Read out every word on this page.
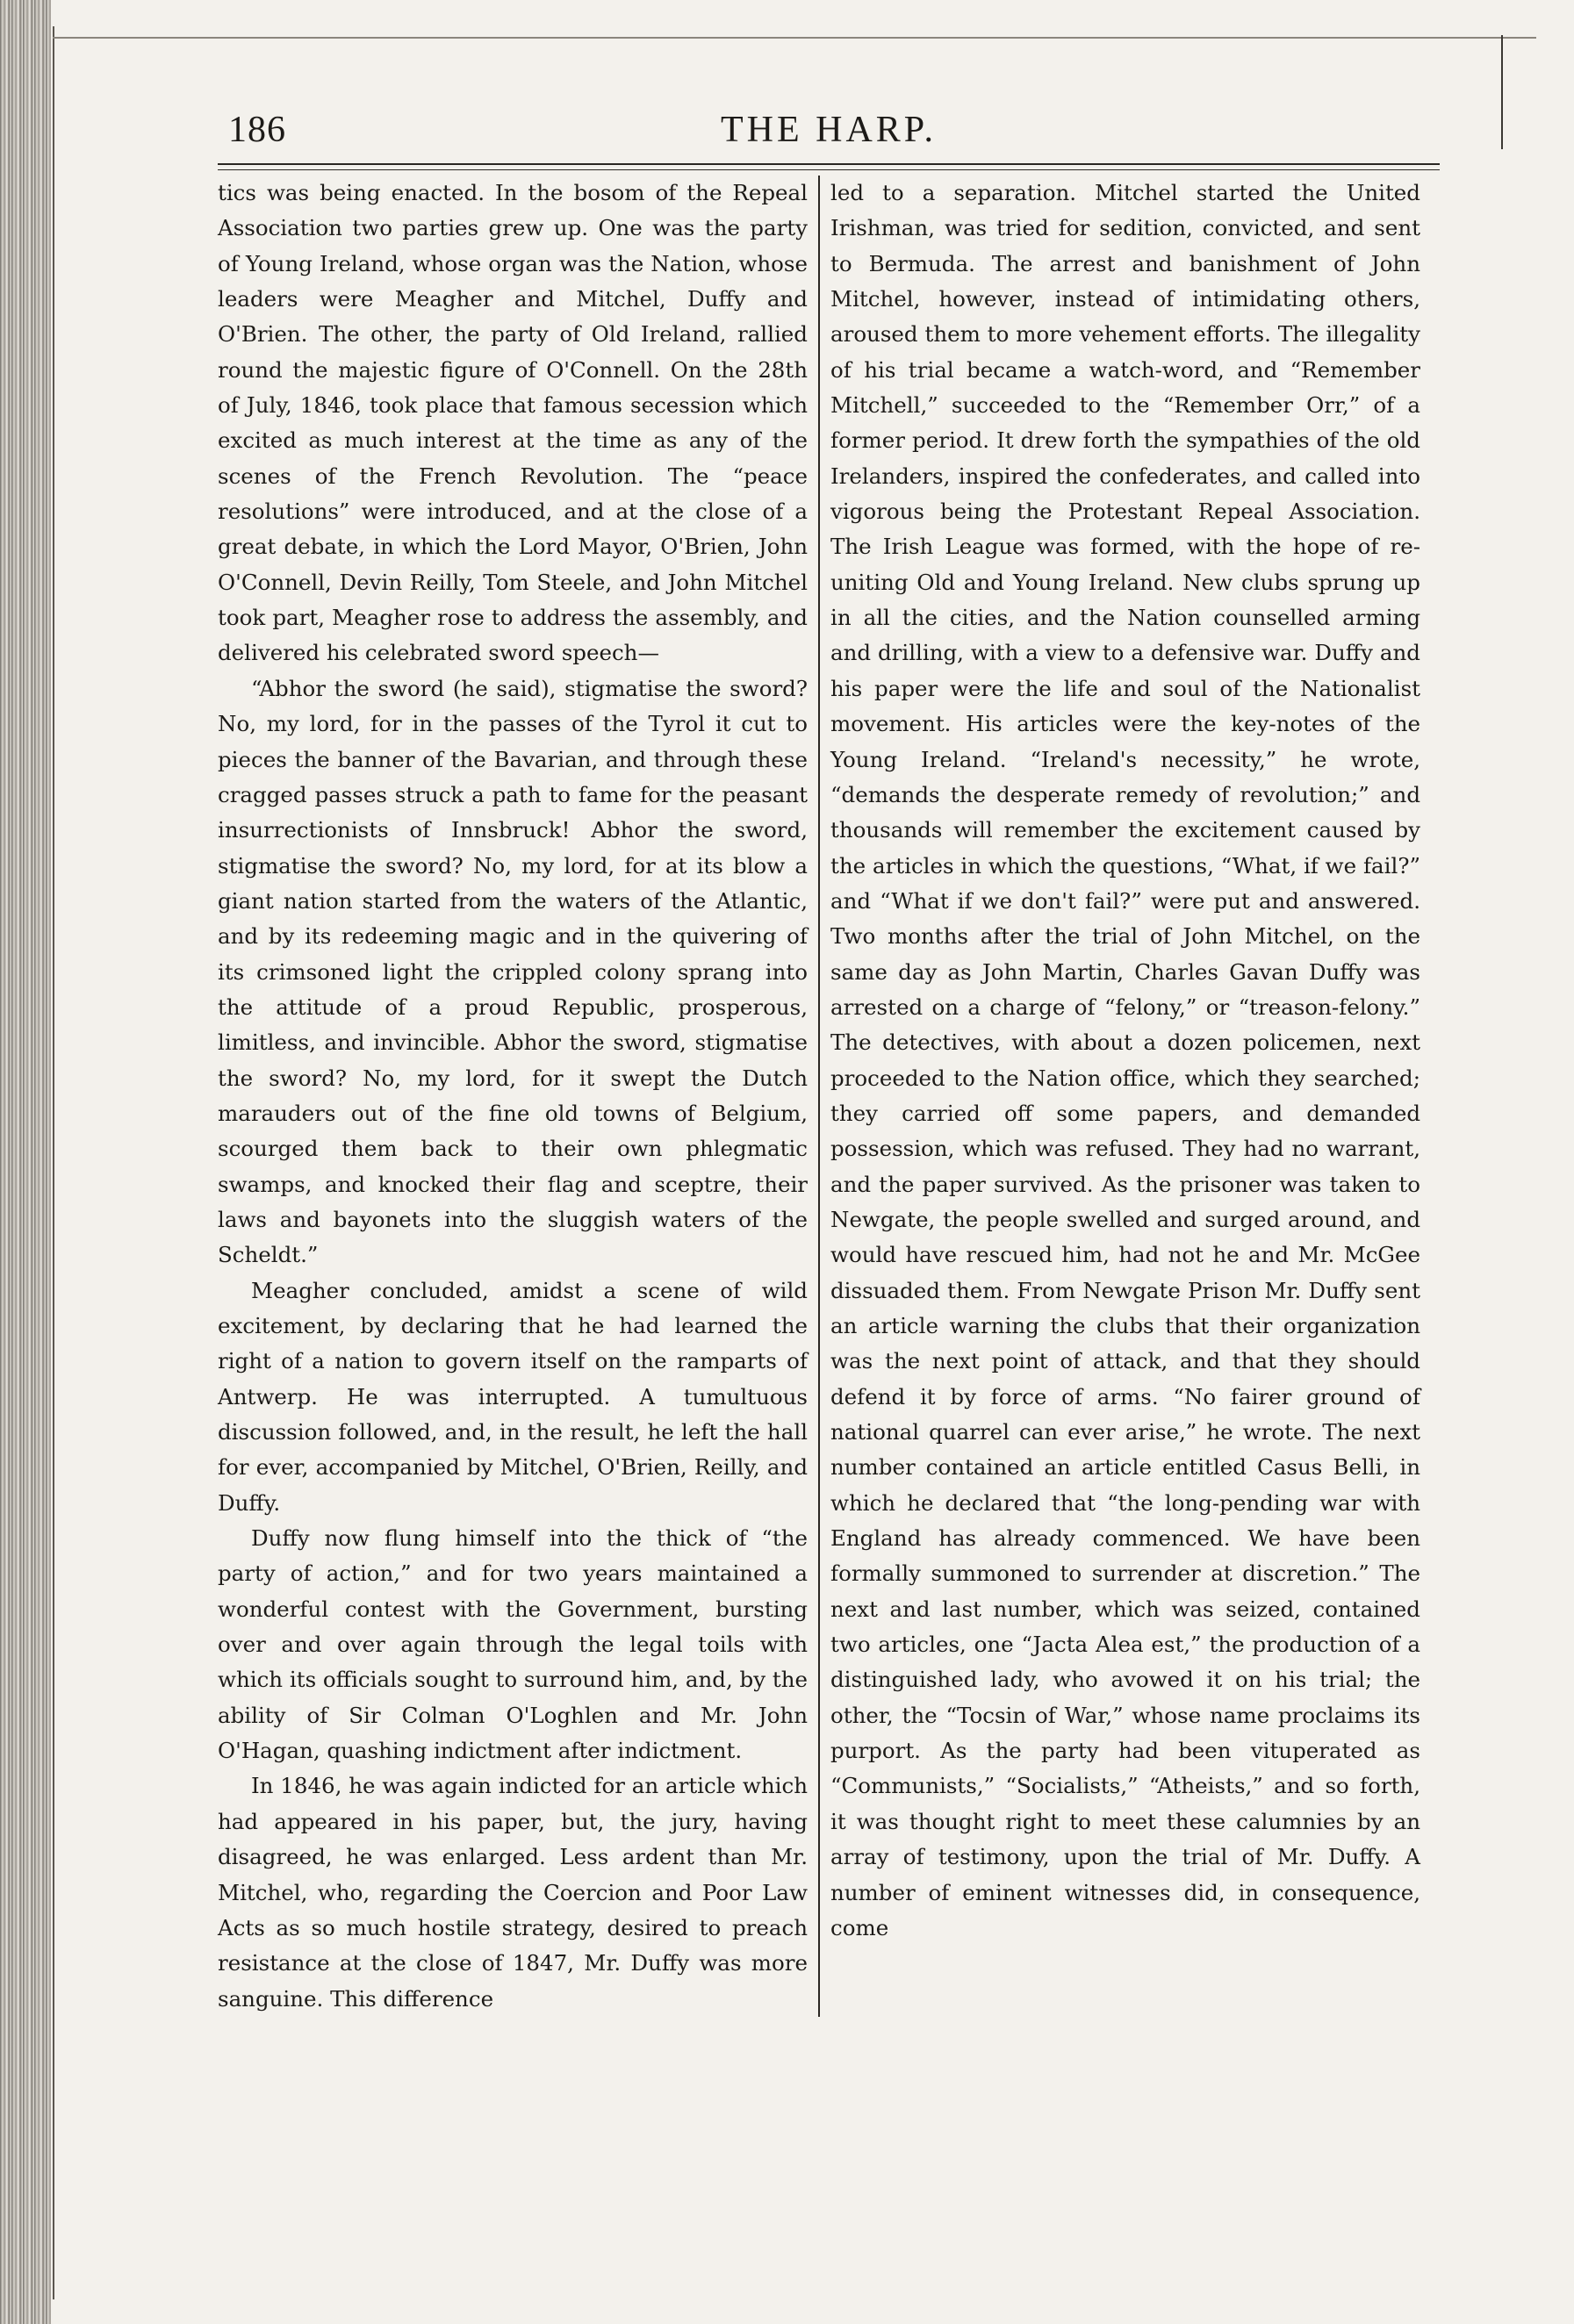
186	THE HARP.

tics was being enacted. In the bosom of the Repeal Association two parties grew up. One was the party of Young Ireland, whose organ was the Nation, whose leaders were Meagher and Mitchel, Duffy and O'Brien. The other, the party of Old Ireland, rallied round the majestic figure of O'Connell. On the 28th of July, 1846, took place that famous secession which excited as much interest at the time as any of the scenes of the French Revolution. The “peace resolutions” were introduced, and at the close of a great debate, in which the Lord Mayor, O'Brien, John O'Connell, Devin Reilly, Tom Steele, and John Mitchel took part, Meagher rose to address the assembly, and delivered his celebrated sword speech—

“Abhor the sword (he said), stigmatise the sword? No, my lord, for in the passes of the Tyrol it cut to pieces the banner of the Bavarian, and through these cragged passes struck a path to fame for the peasant insurrectionists of Innsbruck! Abhor the sword, stigmatise the sword? No, my lord, for at its blow a giant nation started from the waters of the Atlantic, and by its redeeming magic and in the quivering of its crimsoned light the crippled colony sprang into the attitude of a proud Republic, prosperous, limitless, and invincible. Abhor the sword, stigmatise the sword? No, my lord, for it swept the Dutch marauders out of the fine old towns of Belgium, scourged them back to their own phlegmatic swamps, and knocked their flag and sceptre, their laws and bayonets into the sluggish waters of the Scheldt.”

Meagher concluded, amidst a scene of wild excitement, by declaring that he had learned the right of a nation to govern itself on the ramparts of Antwerp. He was interrupted. A tumultuous discussion followed, and, in the result, he left the hall for ever, accompanied by Mitchel, O'Brien, Reilly, and Duffy.

Duffy now flung himself into the thick of “the party of action,” and for two years maintained a wonderful contest with the Government, bursting over and over again through the legal toils with which its officials sought to surround him, and, by the ability of Sir Colman O'Loghlen and Mr. John O'Hagan, quashing indictment after indictment.

In 1846, he was again indicted for an article which had appeared in his paper, but, the jury, having disagreed, he was enlarged. Less ardent than Mr. Mitchel, who, regarding the Coercion and Poor Law Acts as so much hostile strategy, desired to preach resistance at the close of 1847, Mr. Duffy was more sanguine. This difference

led to a separation. Mitchel started the United Irishman, was tried for sedition, convicted, and sent to Bermuda. The arrest and banishment of John Mitchel, however, instead of intimidating others, aroused them to more vehement efforts. The illegality of his trial became a watch-word, and “Remember Mitchell,” succeeded to the “Remember Orr,” of a former period. It drew forth the sympathies of the old Irelanders, inspired the confederates, and called into vigorous being the Protestant Repeal Association. The Irish League was formed, with the hope of re-uniting Old and Young Ireland. New clubs sprung up in all the cities, and the Nation counselled arming and drilling, with a view to a defensive war. Duffy and his paper were the life and soul of the Nationalist movement. His articles were the key-notes of the Young Ireland. “Ireland's necessity,” he wrote, “demands the desperate remedy of revolution;” and thousands will remember the excitement caused by the articles in which the questions, “What, if we fail?” and “What if we don't fail?” were put and answered. Two months after the trial of John Mitchel, on the same day as John Martin, Charles Gavan Duffy was arrested on a charge of “felony,” or “treason-felony.” The detectives, with about a dozen policemen, next proceeded to the Nation office, which they searched; they carried off some papers, and demanded possession, which was refused. They had no warrant, and the paper survived. As the prisoner was taken to Newgate, the people swelled and surged around, and would have rescued him, had not he and Mr. McGee dissuaded them. From Newgate Prison Mr. Duffy sent an article warning the clubs that their organization was the next point of attack, and that they should defend it by force of arms. “No fairer ground of national quarrel can ever arise,” he wrote. The next number contained an article entitled Casus Belli, in which he declared that “the long-pending war with England has already commenced. We have been formally summoned to surrender at discretion.” The next and last number, which was seized, contained two articles, one “Jacta Alea est,” the production of a distinguished lady, who avowed it on his trial; the other, the “Tocsin of War,” whose name proclaims its purport. As the party had been vituperated as “Communists,” “Socialists,” “Atheists,” and so forth, it was thought right to meet these calumnies by an array of testimony, upon the trial of Mr. Duffy. A number of eminent witnesses did, in consequence, come
